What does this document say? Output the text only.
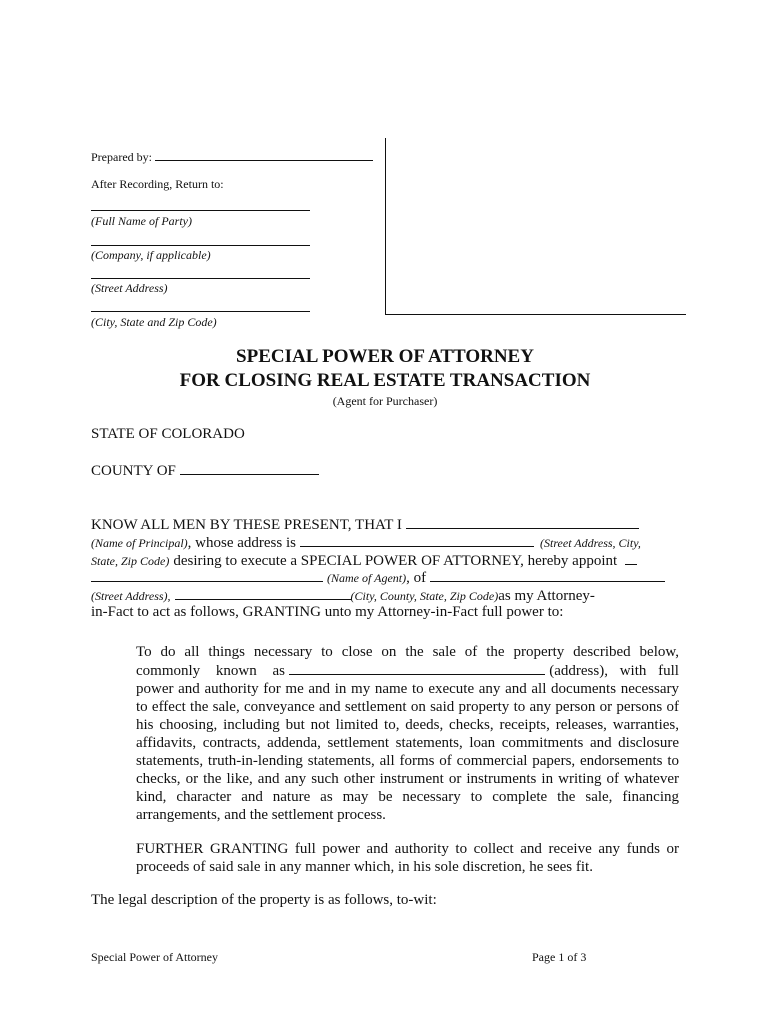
Prepared by:
After Recording, Return to:
(Full Name of Party)
(Company, if applicable)
(Street Address)
(City, State and Zip Code)
SPECIAL POWER OF ATTORNEY
FOR CLOSING REAL ESTATE TRANSACTION
(Agent for Purchaser)
STATE OF COLORADO
COUNTY OF
KNOW ALL MEN BY THESE PRESENT, THAT I
(Name of Principal), whose address is	(Street Address, City,
State, Zip Code) desiring to execute a SPECIAL POWER OF ATTORNEY, hereby appoint
(Name of Agent), of
(Street Address),	(City, County, State, Zip Code)as my Attorney-
in-Fact to act as follows, GRANTING unto my Attorney-in-Fact full power to:

To do all things necessary to close on the sale of the property described below,

commonly known as	(address), with full

power and authority for me and in my name to execute any and all documents necessary to effect the sale, conveyance and settlement on said property to any person or persons of his choosing, including but not limited to, deeds, checks, receipts, releases, warranties, affidavits, contracts, addenda, settlement statements, loan commitments and disclosure statements, truth-in-lending statements, all forms of commercial papers, endorsements to checks, or the like, and any such other instrument or instruments in writing of whatever kind, character and nature as may be necessary to complete the sale, financing arrangements, and the settlement process.

FURTHER GRANTING full power and authority to collect and receive any funds or proceeds of said sale in any manner which, in his sole discretion, he sees fit.

The legal description of the property is as follows, to-wit:
Special Power of Attorney	Page 1 of 3
